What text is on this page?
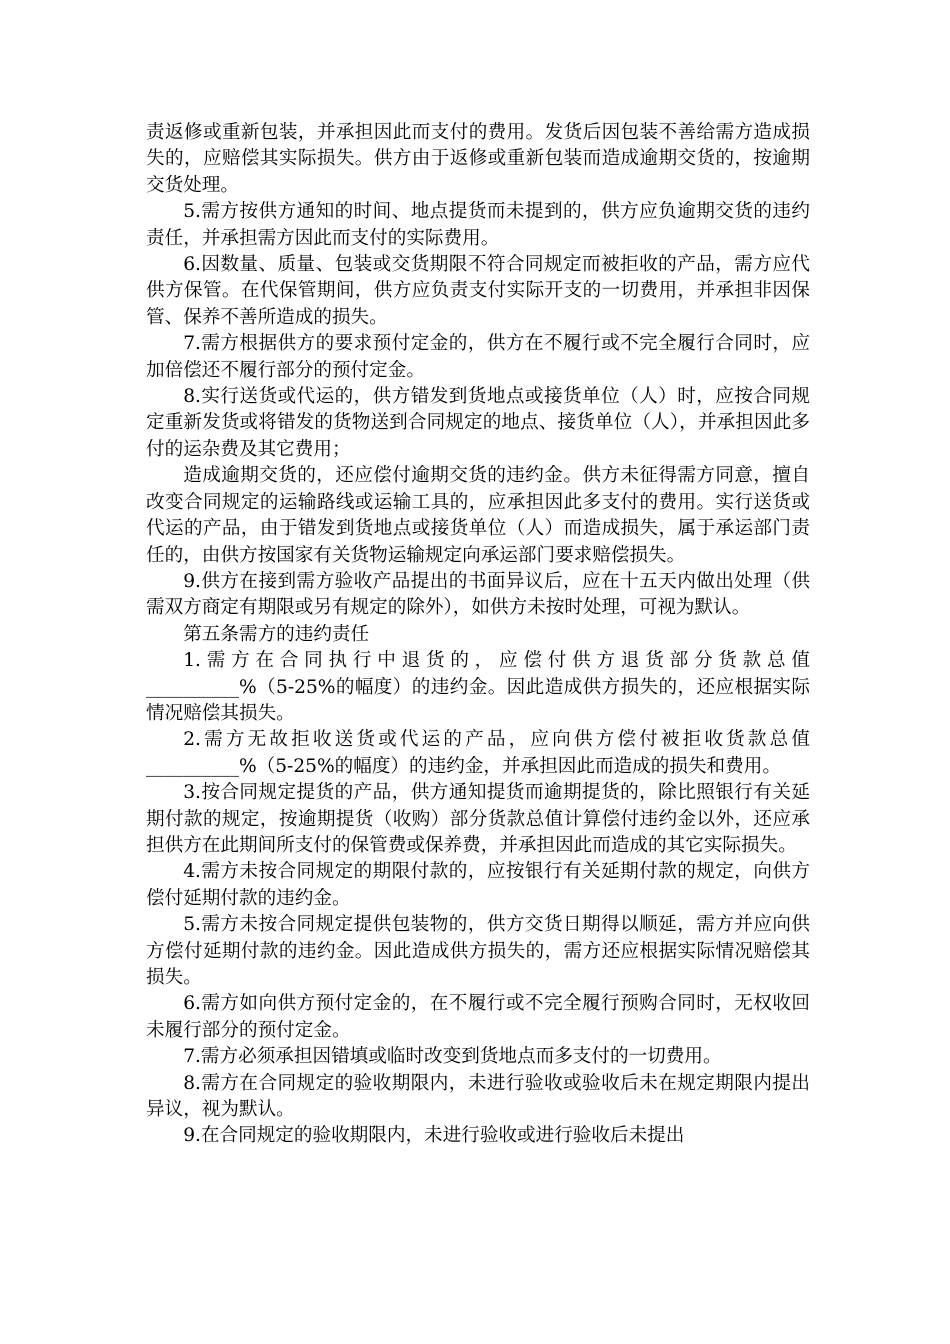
责返修或重新包装，并承担因此而支付的费用。发货后因包装不善给需方造成损失的，应赔偿其实际损失。供方由于返修或重新包装而造成逾期交货的，按逾期交货处理。

5.需方按供方通知的时间、地点提货而未提到的，供方应负逾期交货的违约责任，并承担需方因此而支付的实际费用。

6.因数量、质量、包装或交货期限不符合同规定而被拒收的产品，需方应代供方保管。在代保管期间，供方应负责支付实际开支的一切费用，并承担非因保管、保养不善所造成的损失。

7.需方根据供方的要求预付定金的，供方在不履行或不完全履行合同时，应加倍偿还不履行部分的预付定金。

8.实行送货或代运的，供方错发到货地点或接货单位（人）时，应按合同规定重新发货或将错发的货物送到合同规定的地点、接货单位（人），并承担因此多付的运杂费及其它费用；

造成逾期交货的，还应偿付逾期交货的违约金。供方未征得需方同意，擅自改变合同规定的运输路线或运输工具的，应承担因此多支付的费用。实行送货或代运的产品，由于错发到货地点或接货单位（人）而造成损失，属于承运部门责任的，由供方按国家有关货物运输规定向承运部门要求赔偿损失。

9.供方在接到需方验收产品提出的书面异议后，应在十五天内做出处理（供需双方商定有期限或另有规定的除外），如供方未按时处理，可视为默认。

第五条需方的违约责任

1.需方在合同执行中退货的，应偿付供方退货部分货款总值__________%（5-25%的幅度）的违约金。因此造成供方损失的，还应根据实际情况赔偿其损失。

2.需方无故拒收送货或代运的产品，应向供方偿付被拒收货款总值__________%（5-25%的幅度）的违约金，并承担因此而造成的损失和费用。

3.按合同规定提货的产品，供方通知提货而逾期提货的，除比照银行有关延期付款的规定，按逾期提货（收购）部分货款总值计算偿付违约金以外，还应承担供方在此期间所支付的保管费或保养费，并承担因此而造成的其它实际损失。

4.需方未按合同规定的期限付款的，应按银行有关延期付款的规定，向供方偿付延期付款的违约金。

5.需方未按合同规定提供包装物的，供方交货日期得以顺延，需方并应向供方偿付延期付款的违约金。因此造成供方损失的，需方还应根据实际情况赔偿其损失。

6.需方如向供方预付定金的，在不履行或不完全履行预购合同时，无权收回未履行部分的预付定金。

7.需方必须承担因错填或临时改变到货地点而多支付的一切费用。

8.需方在合同规定的验收期限内，未进行验收或验收后未在规定期限内提出异议，视为默认。

9.在合同规定的验收期限内，未进行验收或进行验收后未提出
